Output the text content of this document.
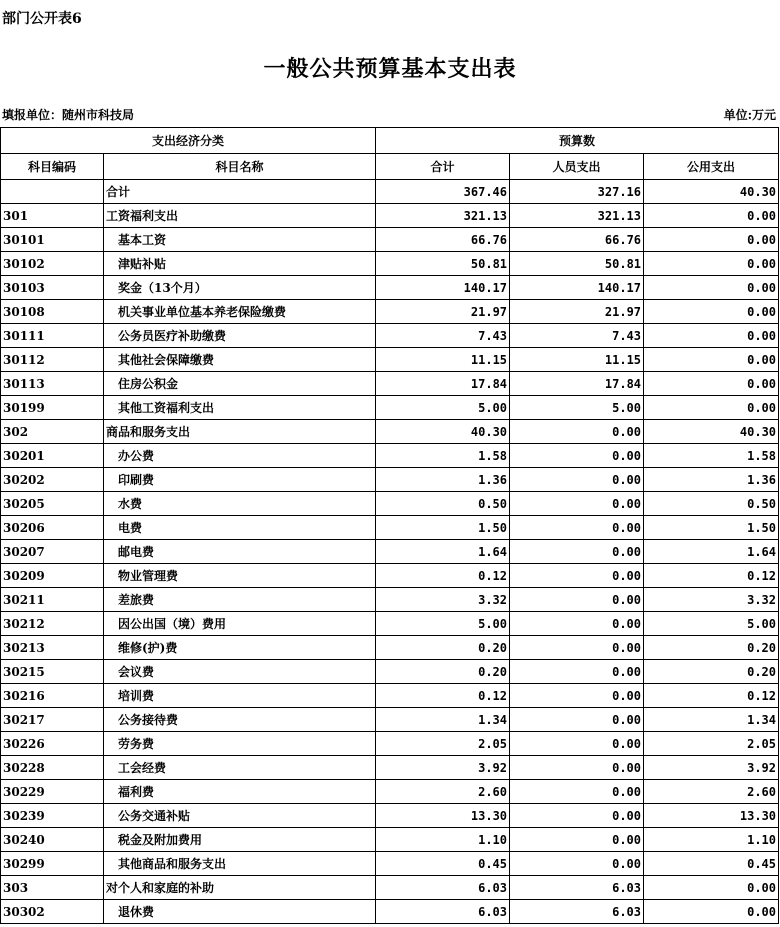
部门公开表6
一般公共预算基本支出表
填报单位：随州市科技局	单位:万元
支出经济分类		预算数		
科目编码	科目名称	合计	人员支出	公用支出
	合计	367.46	327.16	40.30
301	工资福利支出	321.13	321.13	0.00
30101	基本工资	66.76	66.76	0.00
30102	津贴补贴	50.81	50.81	0.00
30103	奖金（13个月）	140.17	140.17	0.00
30108	机关事业单位基本养老保险缴费	21.97	21.97	0.00
30111	公务员医疗补助缴费	7.43	7.43	0.00
30112	其他社会保障缴费	11.15	11.15	0.00
30113	住房公积金	17.84	17.84	0.00
30199	其他工资福利支出	5.00	5.00	0.00
302	商品和服务支出	40.30	0.00	40.30
30201	办公费	1.58	0.00	1.58
30202	印刷费	1.36	0.00	1.36
30205	水费	0.50	0.00	0.50
30206	电费	1.50	0.00	1.50
30207	邮电费	1.64	0.00	1.64
30209	物业管理费	0.12	0.00	0.12
30211	差旅费	3.32	0.00	3.32
30212	因公出国（境）费用	5.00	0.00	5.00
30213	维修(护)费	0.20	0.00	0.20
30215	会议费	0.20	0.00	0.20
30216	培训费	0.12	0.00	0.12
30217	公务接待费	1.34	0.00	1.34
30226	劳务费	2.05	0.00	2.05
30228	工会经费	3.92	0.00	3.92
30229	福利费	2.60	0.00	2.60
30239	公务交通补贴	13.30	0.00	13.30
30240	税金及附加费用	1.10	0.00	1.10
30299	其他商品和服务支出	0.45	0.00	0.45
303	对个人和家庭的补助	6.03	6.03	0.00
30302	退休费	6.03	6.03	0.00
